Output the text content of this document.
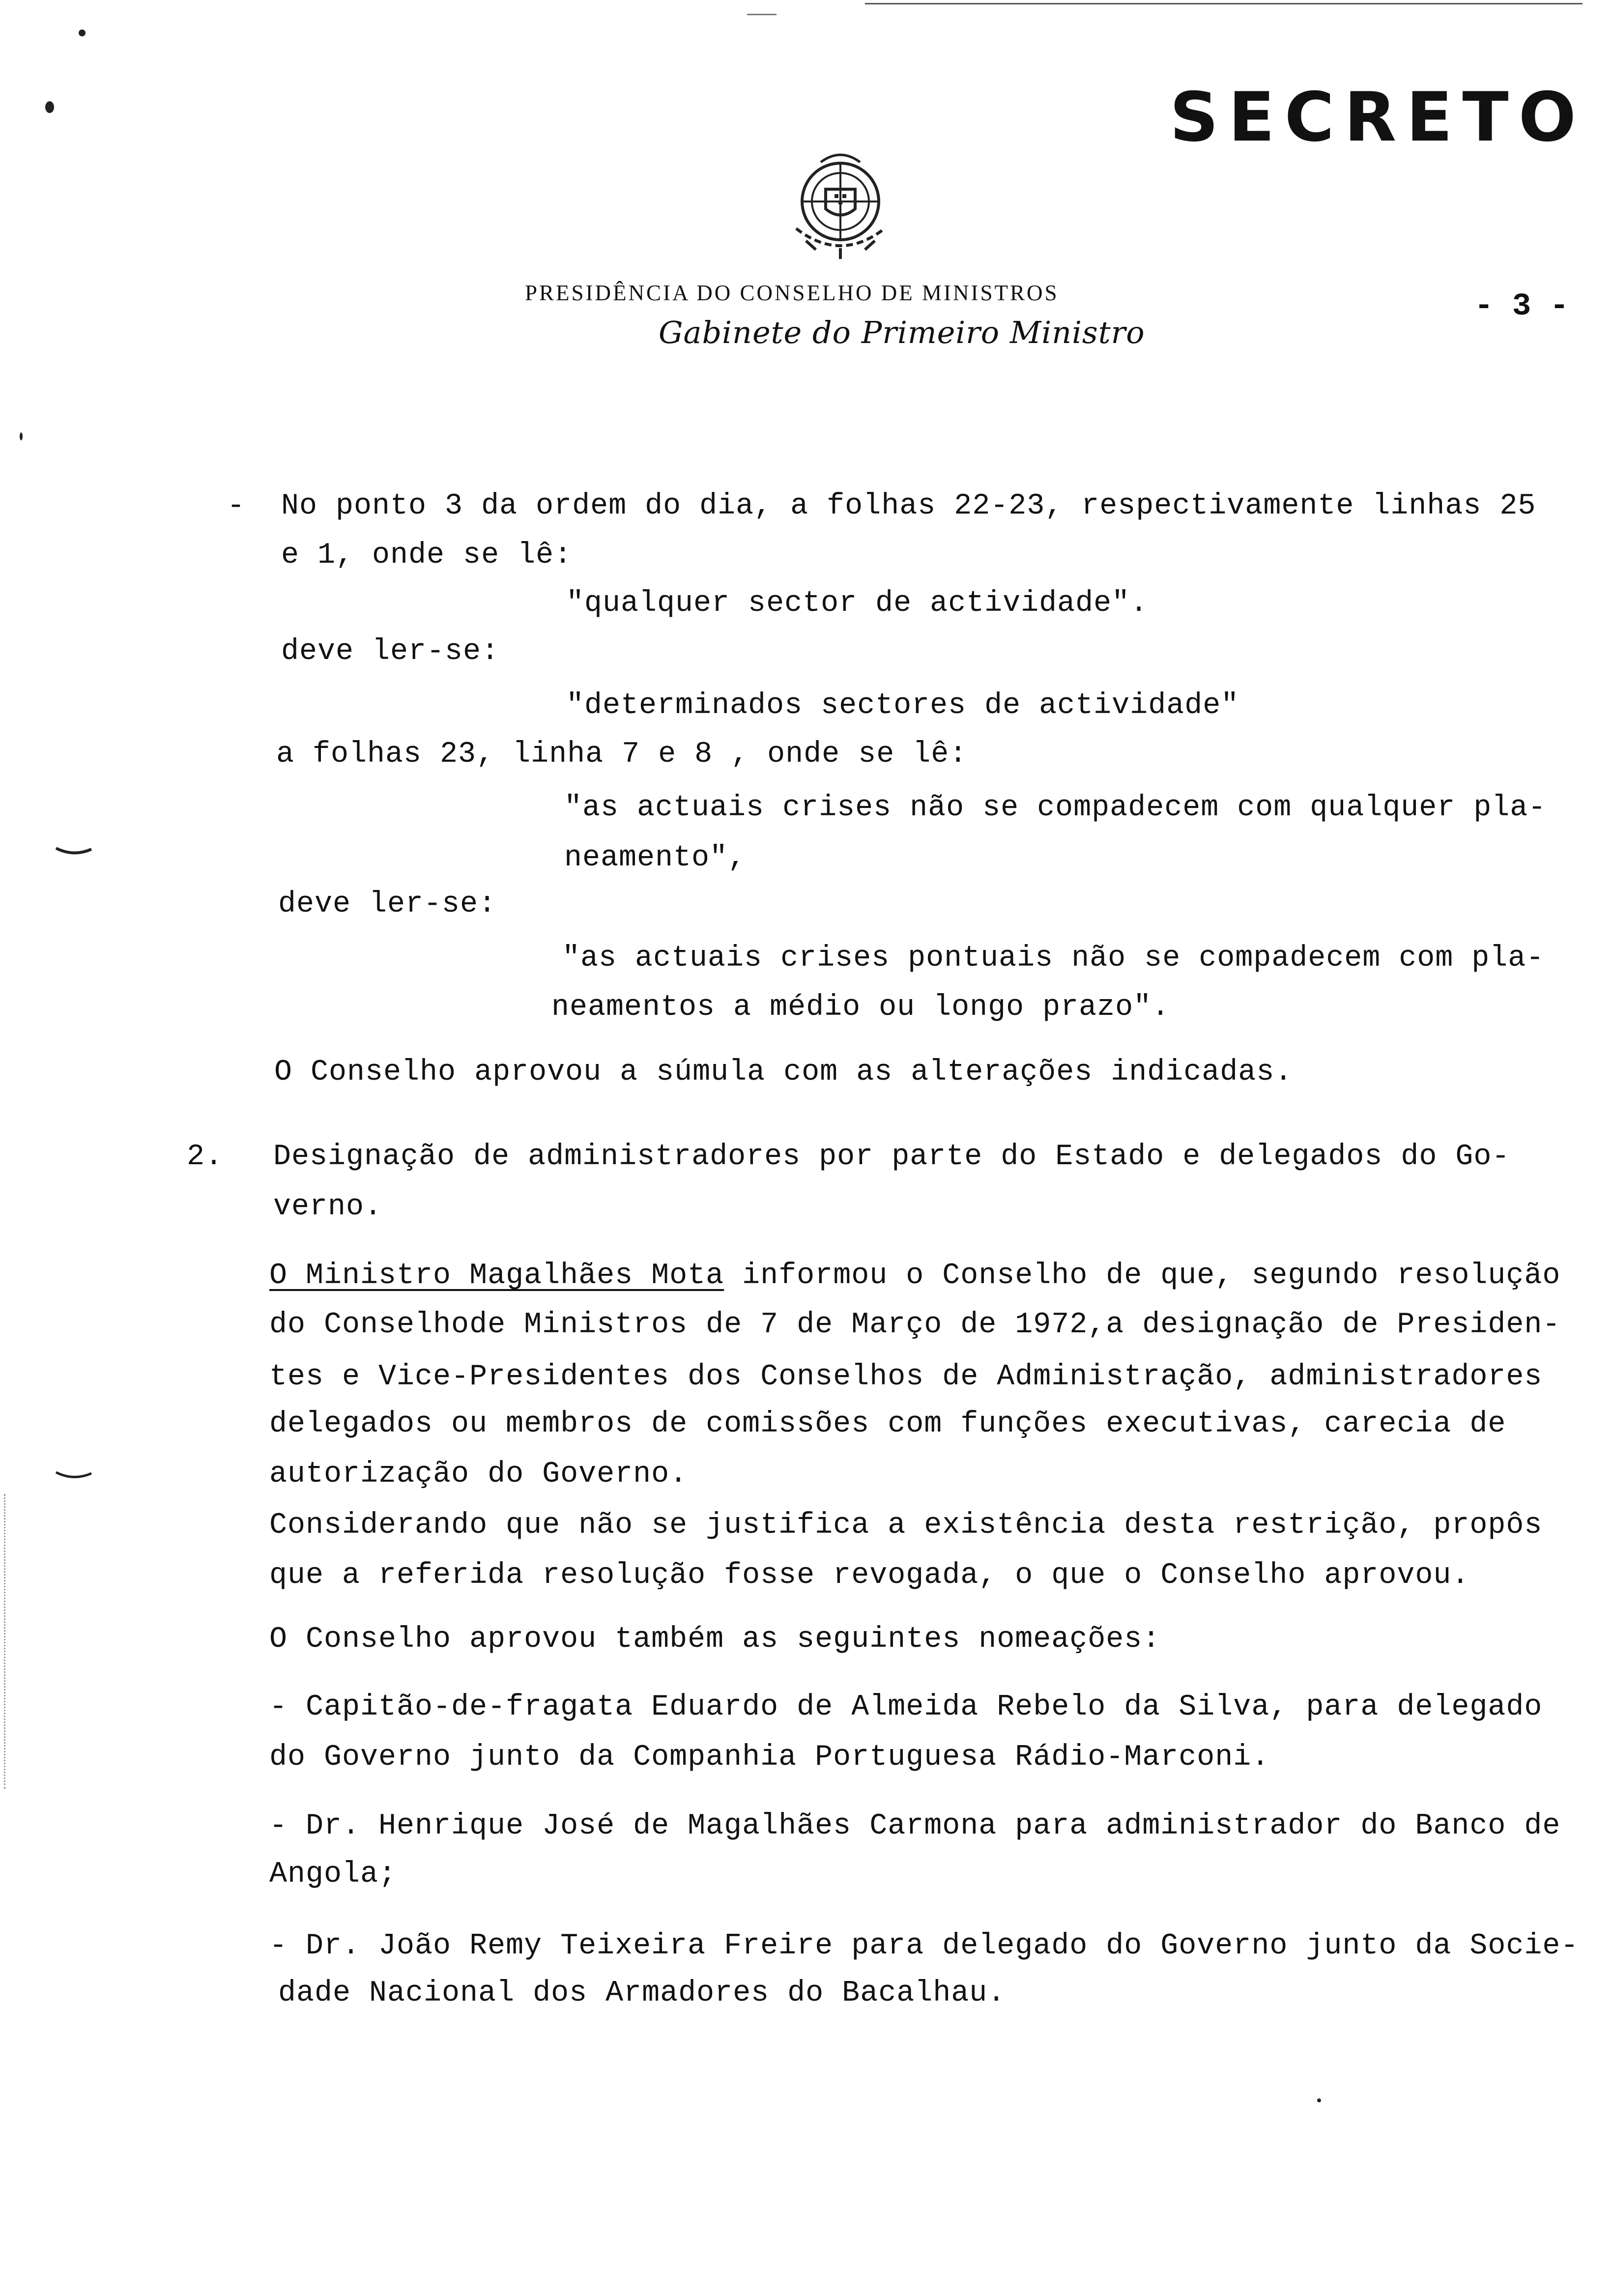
SECRETO
PRESIDÊNCIA DO CONSELHO DE MINISTROS
Gabinete do Primeiro Ministro
- 3 -
- No ponto 3 da ordem do dia, a folhas 22-23, respectivamente linhas 25
e 1, onde se lê:
"qualquer sector de actividade".
deve ler-se:
"determinados sectores de actividade"
a folhas 23, linha 7 e 8 , onde se lê:
"as actuais crises não se compadecem com qualquer pla-
neamento",
deve ler-se:
"as actuais crises pontuais não se compadecem com pla-
neamentos a médio ou longo prazo".
O Conselho aprovou a súmula com as alterações indicadas.
2. Designação de administradores por parte do Estado e delegados do Go-
verno.
O Ministro Magalhães Mota informou o Conselho de que, segundo resolução
do Conselhode Ministros de 7 de Março de 1972,a designação de Presiden-
tes e Vice-Presidentes dos Conselhos de Administração, administradores
delegados ou membros de comissões com funções executivas, carecia de
autorização do Governo.
Considerando que não se justifica a existência desta restrição, propôs
que a referida resolução fosse revogada, o que o Conselho aprovou.
O Conselho aprovou também as seguintes nomeações:
- Capitão-de-fragata Eduardo de Almeida Rebelo da Silva, para delegado
do Governo junto da Companhia Portuguesa Rádio-Marconi.
- Dr. Henrique José de Magalhães Carmona para administrador do Banco de
Angola;
- Dr. João Remy Teixeira Freire para delegado do Governo junto da Socie-
dade Nacional dos Armadores do Bacalhau.
